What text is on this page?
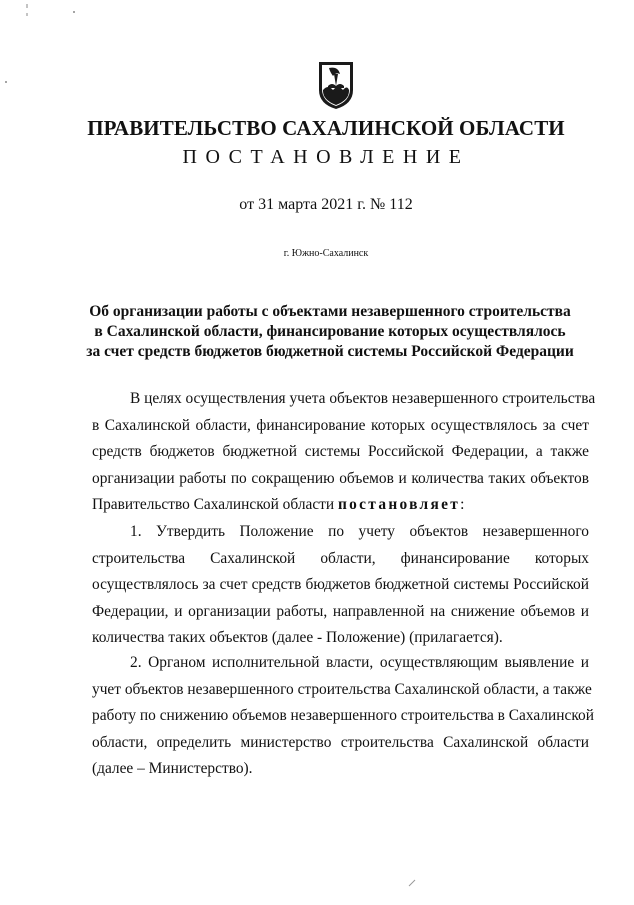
ПРАВИТЕЛЬСТВО САХАЛИНСКОЙ ОБЛАСТИ
ПОСТАНОВЛЕНИЕ
от 31 марта 2021 г. № 112
г. Южно-Сахалинск
Об организации работы с объектами незавершенного строительства
в Сахалинской области, финансирование которых осуществлялось
за счет средств бюджетов бюджетной системы Российской Федерации
В целях осуществления учета объектов незавершенного строительства
в Сахалинской области, финансирование которых осуществлялось за счет
средств бюджетов бюджетной системы Российской Федерации, а также
организации работы по сокращению объемов и количества таких объектов
Правительство Сахалинской области постановляет:
1. Утвердить Положение по учету объектов незавершенного
строительства Сахалинской области, финансирование которых
осуществлялось за счет средств бюджетов бюджетной системы Российской
Федерации, и организации работы, направленной на снижение объемов и
количества таких объектов (далее - Положение) (прилагается).
2. Органом исполнительной власти, осуществляющим выявление и
учет объектов незавершенного строительства Сахалинской области, а также
работу по снижению объемов незавершенного строительства в Сахалинской
области, определить министерство строительства Сахалинской области
(далее – Министерство).
